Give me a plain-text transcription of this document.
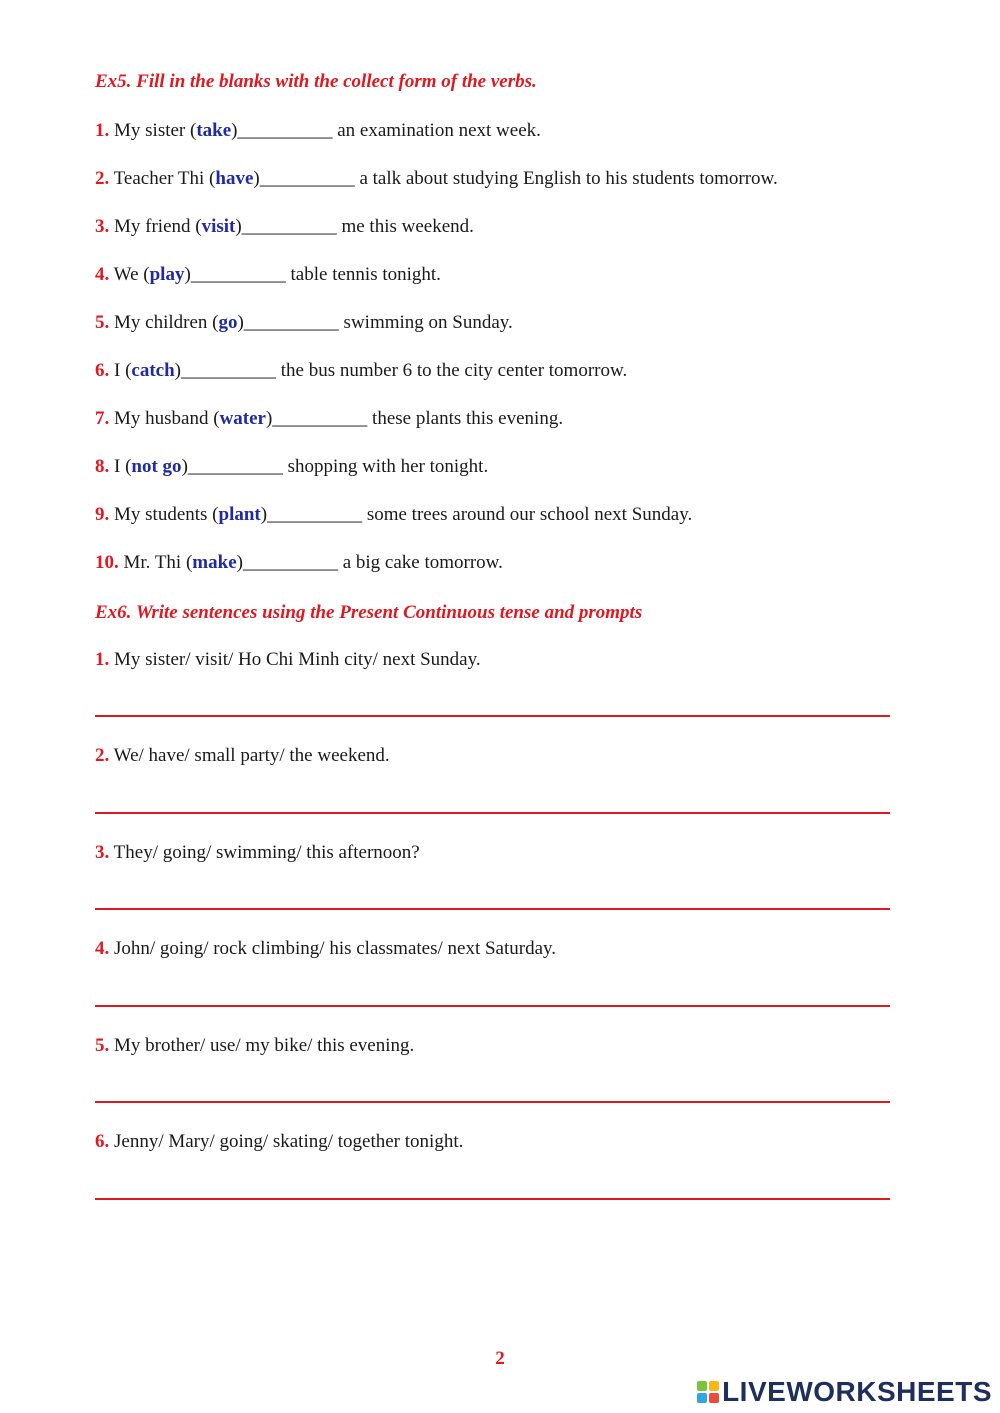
Ex5. Fill in the blanks with the collect form of the verbs.
1. My sister (take)__________ an examination next week.
2. Teacher Thi (have)__________ a talk about studying English to his students tomorrow.
3. My friend (visit)__________ me this weekend.
4. We (play)__________ table tennis tonight.
5. My children (go)__________ swimming on Sunday.
6. I (catch)__________ the bus number 6 to the city center tomorrow.
7. My husband (water)__________ these plants this evening.
8. I (not go)__________ shopping with her tonight.
9. My students (plant)__________ some trees around our school next Sunday.
10. Mr. Thi (make)__________ a big cake tomorrow.
Ex6. Write sentences using the Present Continuous tense and prompts
1. My sister/ visit/ Ho Chi Minh city/ next Sunday.
2. We/ have/ small party/ the weekend.
3. They/ going/ swimming/ this afternoon?
4. John/ going/ rock climbing/ his classmates/ next Saturday.
5. My brother/ use/ my bike/ this evening.
6. Jenny/ Mary/ going/ skating/ together tonight.
2
LIVEWORKSHEETS
